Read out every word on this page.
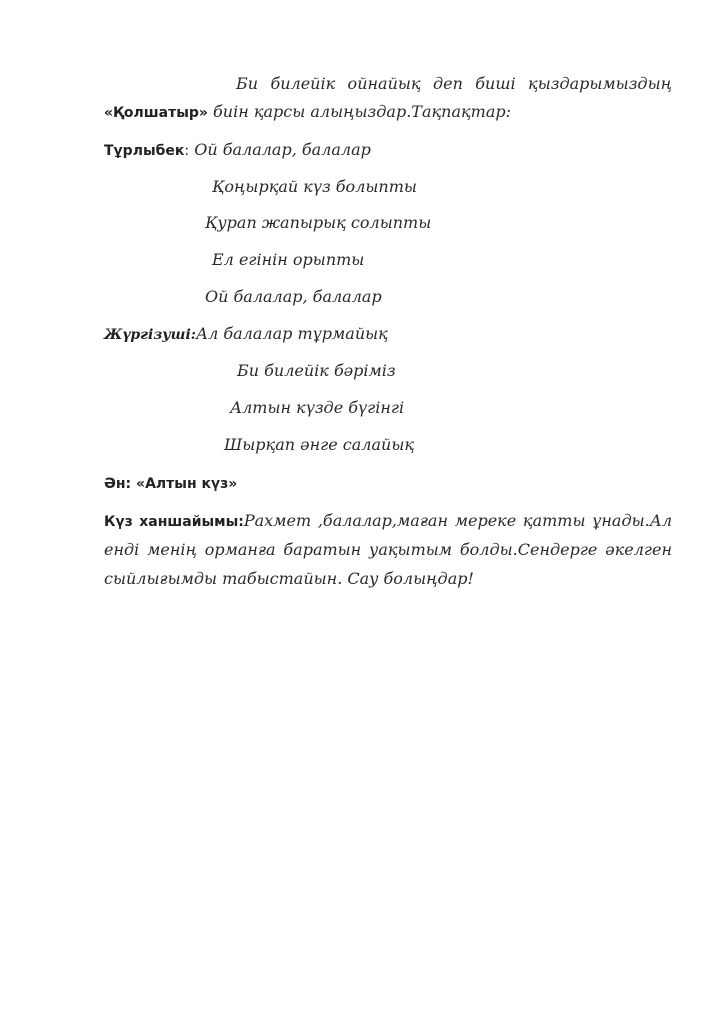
Би билейік ойнайық деп биші қыздарымыздың
«Қолшатыр» биін қарсы алыңыздар.Тақпақтар:
Тұрлыбек: Ой балалар, балалар
Қоңырқай күз болыпты
Қурап жапырық солыпты
Ел егінін орыпты
Ой балалар, балалар
Жүргізуші:Ал балалар тұрмайық
Би билейік бәріміз
Алтын күзде бүгінгі
Шырқап әнге салайық
Ән: «Алтын күз»
Күз ханшайымы:Рахмет ,балалар,маған мереке қатты ұнады.Ал
енді менің орманға баратын уақытым болды.Сендерге әкелген
сыйлығымды табыстайын. Сау болыңдар!
